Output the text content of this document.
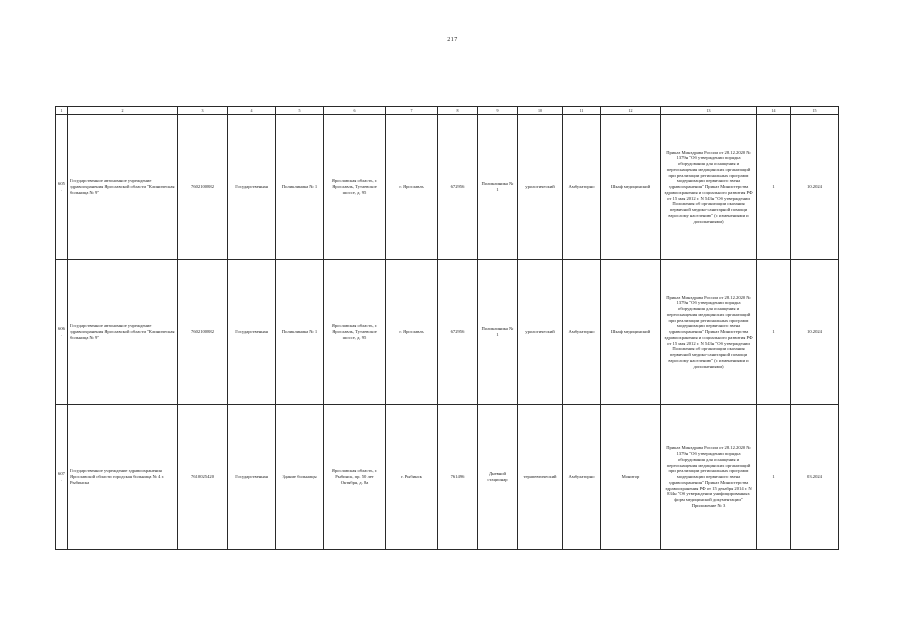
217
1	2	3	4	5	6	7	8	9	10	11	12	13	14	15
605.	Государственное автономное учреждение здравоохранения Ярославской области "Клиническая больница № 9"	7602100882	Государственная	Поликлиника № 1	Ярославская область, г. Ярославль, Тутаевское шоссе, д. 95	г. Ярославль	672956	Поликлиника № 1	урологический	Амбулаторно	Шкаф медицинский	Приказ Минздрава России от 28.12.2020 № 1379н "Об утверждении порядка оборудования для оснащения и переоснащения медицинских организаций при реализации региональных программ модернизации первичного звена здравоохранения" Приказ Министерства здравоохранения и социального развития РФ от 15 мая 2012 г. N 543н "Об утверждении Положения об организации оказания первичной медико-санитарной помощи взрослому населению" (с изменениями и дополнениями)	1	10.2024
606.	Государственное автономное учреждение здравоохранения Ярославской области "Клиническая больница № 9"	7602100882	Государственная	Поликлиника № 1	Ярославская область, г. Ярославль, Тутаевское шоссе, д. 95	г. Ярославль	672956	Поликлиника № 1	урологический	Амбулаторно	Шкаф медицинский	Приказ Минздрава России от 28.12.2020 № 1379н "Об утверждении порядка оборудования для оснащения и переоснащения медицинских организаций при реализации региональных программ модернизации первичного звена здравоохранения" Приказ Министерства здравоохранения и социального развития РФ от 15 мая 2012 г. N 543н "Об утверждении Положения об организации оказания первичной медико-санитарной помощи взрослому населению" (с изменениями и дополнениями)	1	10.2024
607.	Государственное учреждение здравоохранения Ярославской области городская больница № 4 г. Рыбинска	7610025420	Государственная	Здание больницы	Ярославская область, г. Рыбинск, пр. 50 лет Октября, д. 8а	г. Рыбинск	761496	Дневной стационар	терапевтический	Амбулаторно	Монитор	Приказ Минздрава России от 28.12.2020 № 1379н "Об утверждении порядка оборудования для оснащения и переоснащения медицинских организаций при реализации региональных программ модернизации первичного звена здравоохранения" Приказ Министерства здравоохранения РФ от 15 декабря 2014 г. N 834н "Об утверждении унифицированных форм медицинской документации" Приложение № 3	1	03.2024
